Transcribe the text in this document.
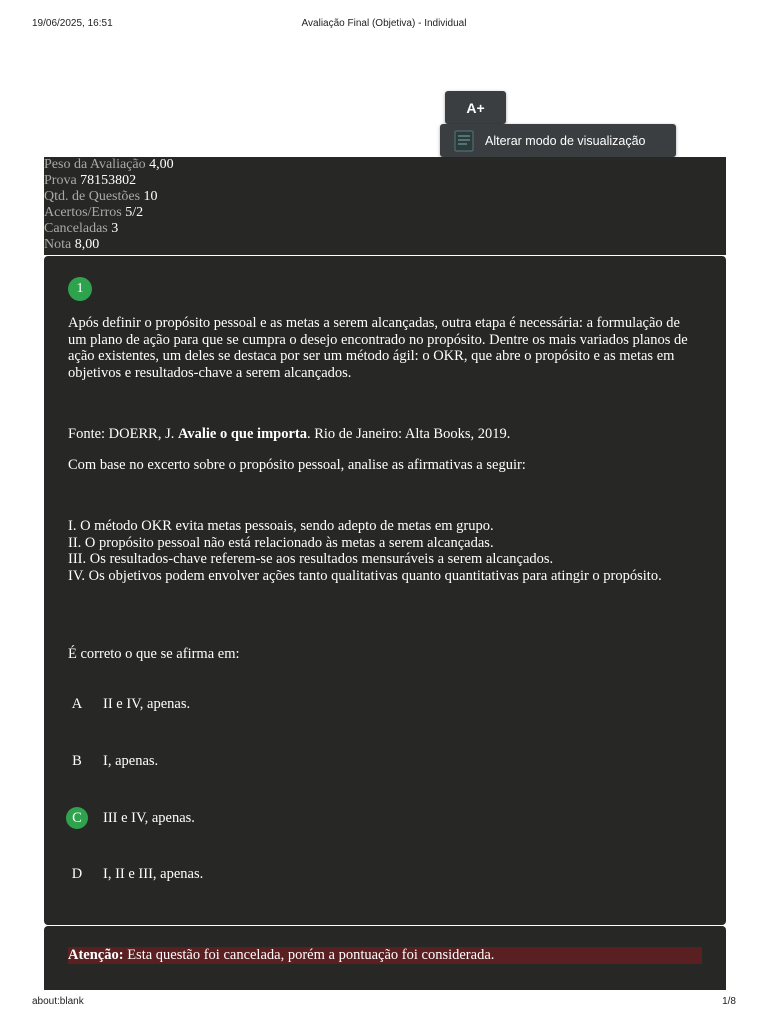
19/06/2025, 16:51	Avaliação Final (Objetiva) - Individual
A+
Alterar modo de visualização
Peso da Avaliação 4,00
Prova 78153802
Qtd. de Questões 10
Acertos/Erros 5/2
Canceladas 3
Nota 8,00
1
Após definir o propósito pessoal e as metas a serem alcançadas, outra etapa é necessária: a formulação de um plano de ação para que se cumpra o desejo encontrado no propósito. Dentre os mais variados planos de ação existentes, um deles se destaca por ser um método ágil: o OKR, que abre o propósito e as metas em objetivos e resultados-chave a serem alcançados.
Fonte: DOERR, J. Avalie o que importa. Rio de Janeiro: Alta Books, 2019.
Com base no excerto sobre o propósito pessoal, analise as afirmativas a seguir:
I. O método OKR evita metas pessoais, sendo adepto de metas em grupo.
II. O propósito pessoal não está relacionado às metas a serem alcançadas.
III. Os resultados-chave referem-se aos resultados mensuráveis a serem alcançados.
IV. Os objetivos podem envolver ações tanto qualitativas quanto quantitativas para atingir o propósito.
É correto o que se afirma em:
A	II e IV, apenas.
B	I, apenas.
C	III e IV, apenas.
D	I, II e III, apenas.
Atenção: Esta questão foi cancelada, porém a pontuação foi considerada.
about:blank	1/8
